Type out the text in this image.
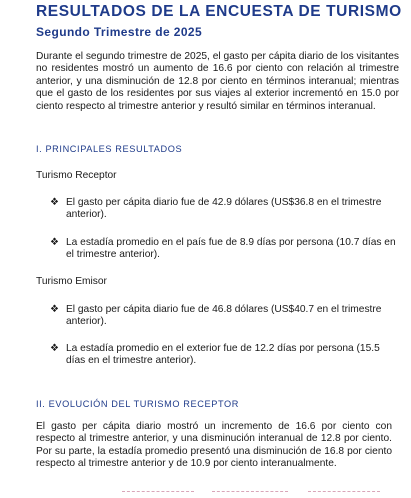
RESULTADOS DE LA ENCUESTA DE TURISMO
Segundo Trimestre de 2025
Durante el segundo trimestre de 2025, el gasto per cápita diario de los visitantes no residentes mostró un aumento de 16.6 por ciento con relación al trimestre anterior, y una disminución de 12.8 por ciento en términos interanual; mientras que el gasto de los residentes por sus viajes al exterior incrementó en 15.0 por ciento respecto al trimestre anterior y resultó similar en términos interanual.
I. PRINCIPALES RESULTADOS
Turismo Receptor
❖ El gasto per cápita diario fue de 42.9 dólares (US$36.8 en el trimestre anterior).
❖ La estadía promedio en el país fue de 8.9 días por persona (10.7 días en el trimestre anterior).
Turismo Emisor
❖ El gasto per cápita diario fue de 46.8 dólares (US$40.7 en el trimestre anterior).
❖ La estadía promedio en el exterior fue de 12.2 días por persona (15.5 días en el trimestre anterior).
II. EVOLUCIÓN DEL TURISMO RECEPTOR
El gasto per cápita diario mostró un incremento de 16.6 por ciento con respecto al trimestre anterior, y una disminución interanual de 12.8 por ciento. Por su parte, la estadía promedio presentó una disminución de 16.8 por ciento respecto al trimestre anterior y de 10.9 por ciento interanualmente.
